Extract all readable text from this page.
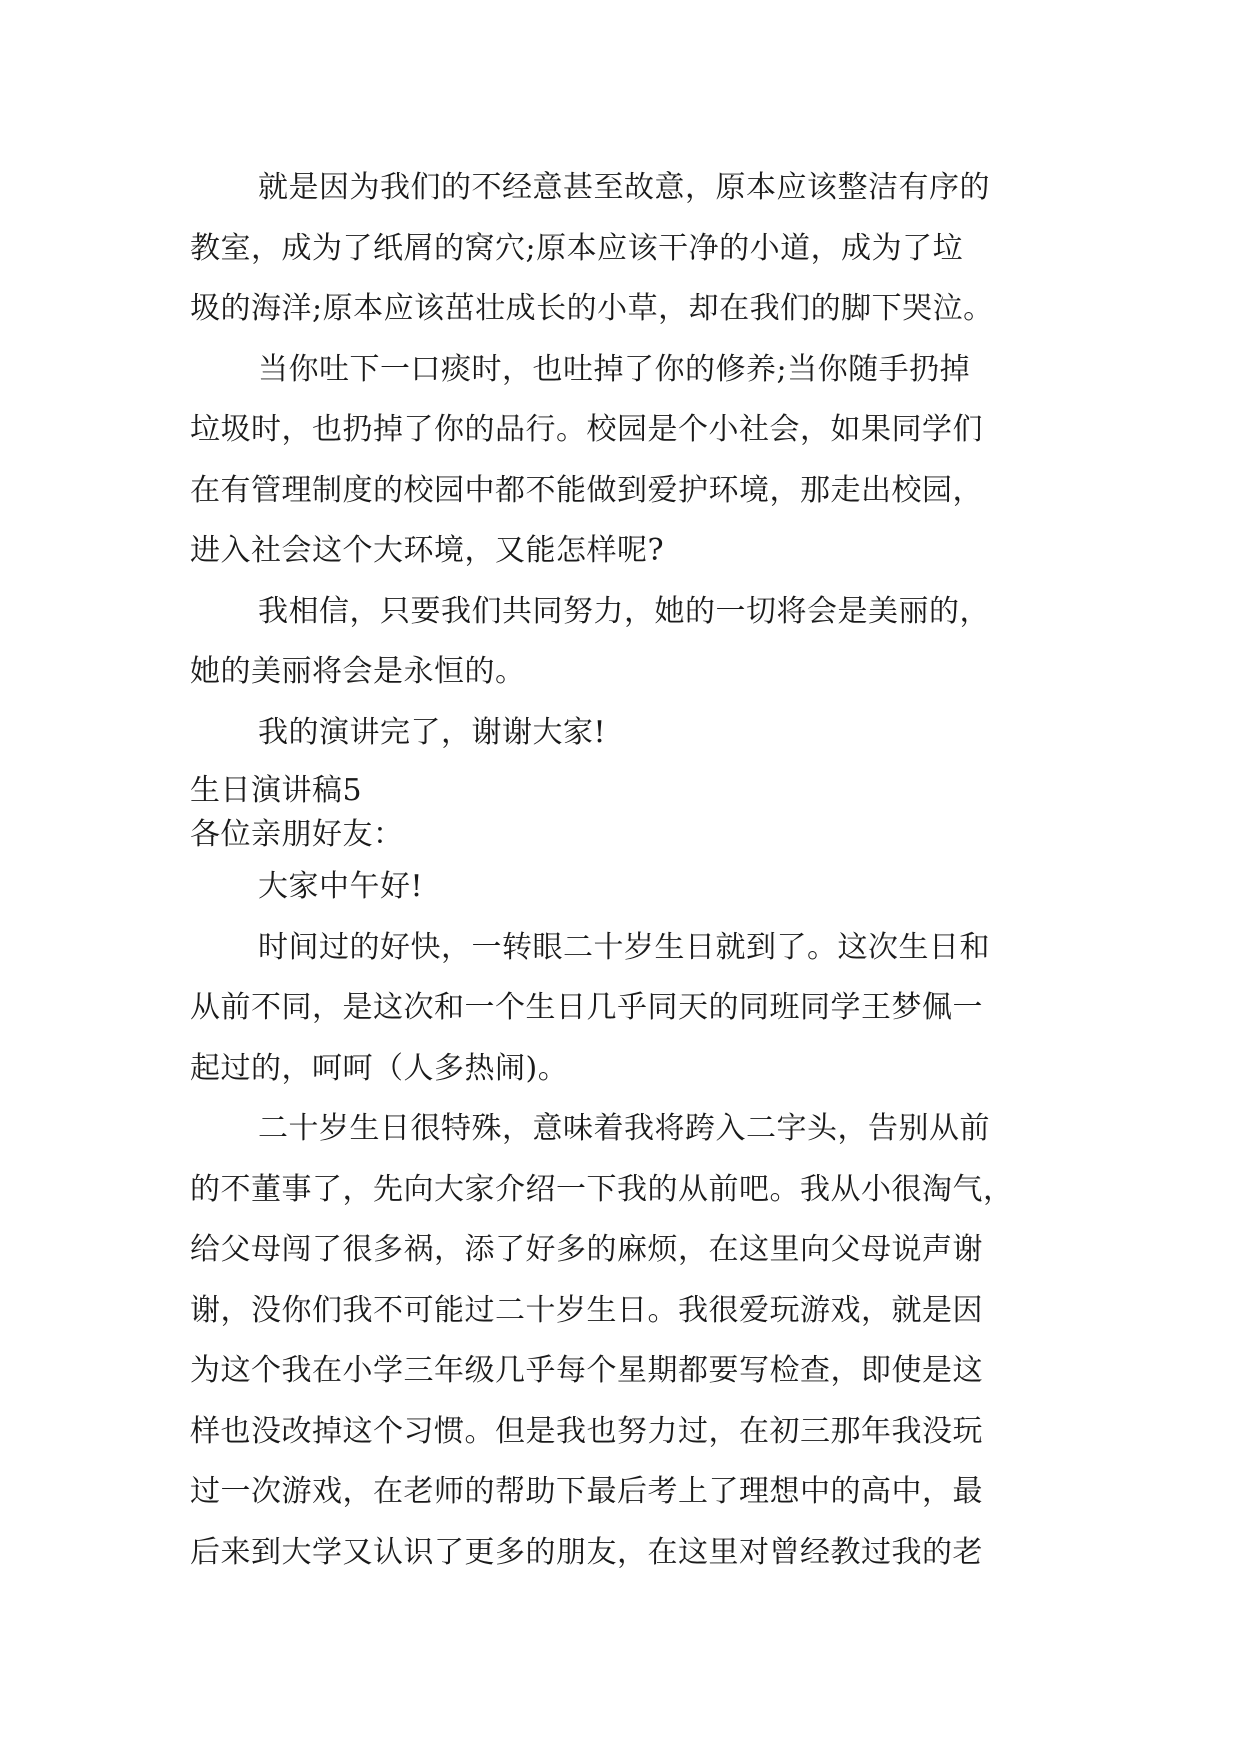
就是因为我们的不经意甚至故意，原本应该整洁有序的
教室，成为了纸屑的窝穴;原本应该干净的小道，成为了垃
圾的海洋;原本应该茁壮成长的小草，却在我们的脚下哭泣。
当你吐下一口痰时，也吐掉了你的修养;当你随手扔掉
垃圾时，也扔掉了你的品行。校园是个小社会，如果同学们
在有管理制度的校园中都不能做到爱护环境，那走出校园，
进入社会这个大环境，又能怎样呢?
我相信，只要我们共同努力，她的一切将会是美丽的，
她的美丽将会是永恒的。
我的演讲完了，谢谢大家!
生日演讲稿5
各位亲朋好友：
大家中午好!
时间过的好快，一转眼二十岁生日就到了。这次生日和
从前不同，是这次和一个生日几乎同天的同班同学王梦佩一
起过的，呵呵（人多热闹)。
二十岁生日很特殊，意味着我将跨入二字头，告别从前
的不董事了，先向大家介绍一下我的从前吧。我从小很淘气，
给父母闯了很多祸，添了好多的麻烦，在这里向父母说声谢
谢，没你们我不可能过二十岁生日。我很爱玩游戏，就是因
为这个我在小学三年级几乎每个星期都要写检查，即使是这
样也没改掉这个习惯。但是我也努力过，在初三那年我没玩
过一次游戏，在老师的帮助下最后考上了理想中的高中，最
后来到大学又认识了更多的朋友，在这里对曾经教过我的老
